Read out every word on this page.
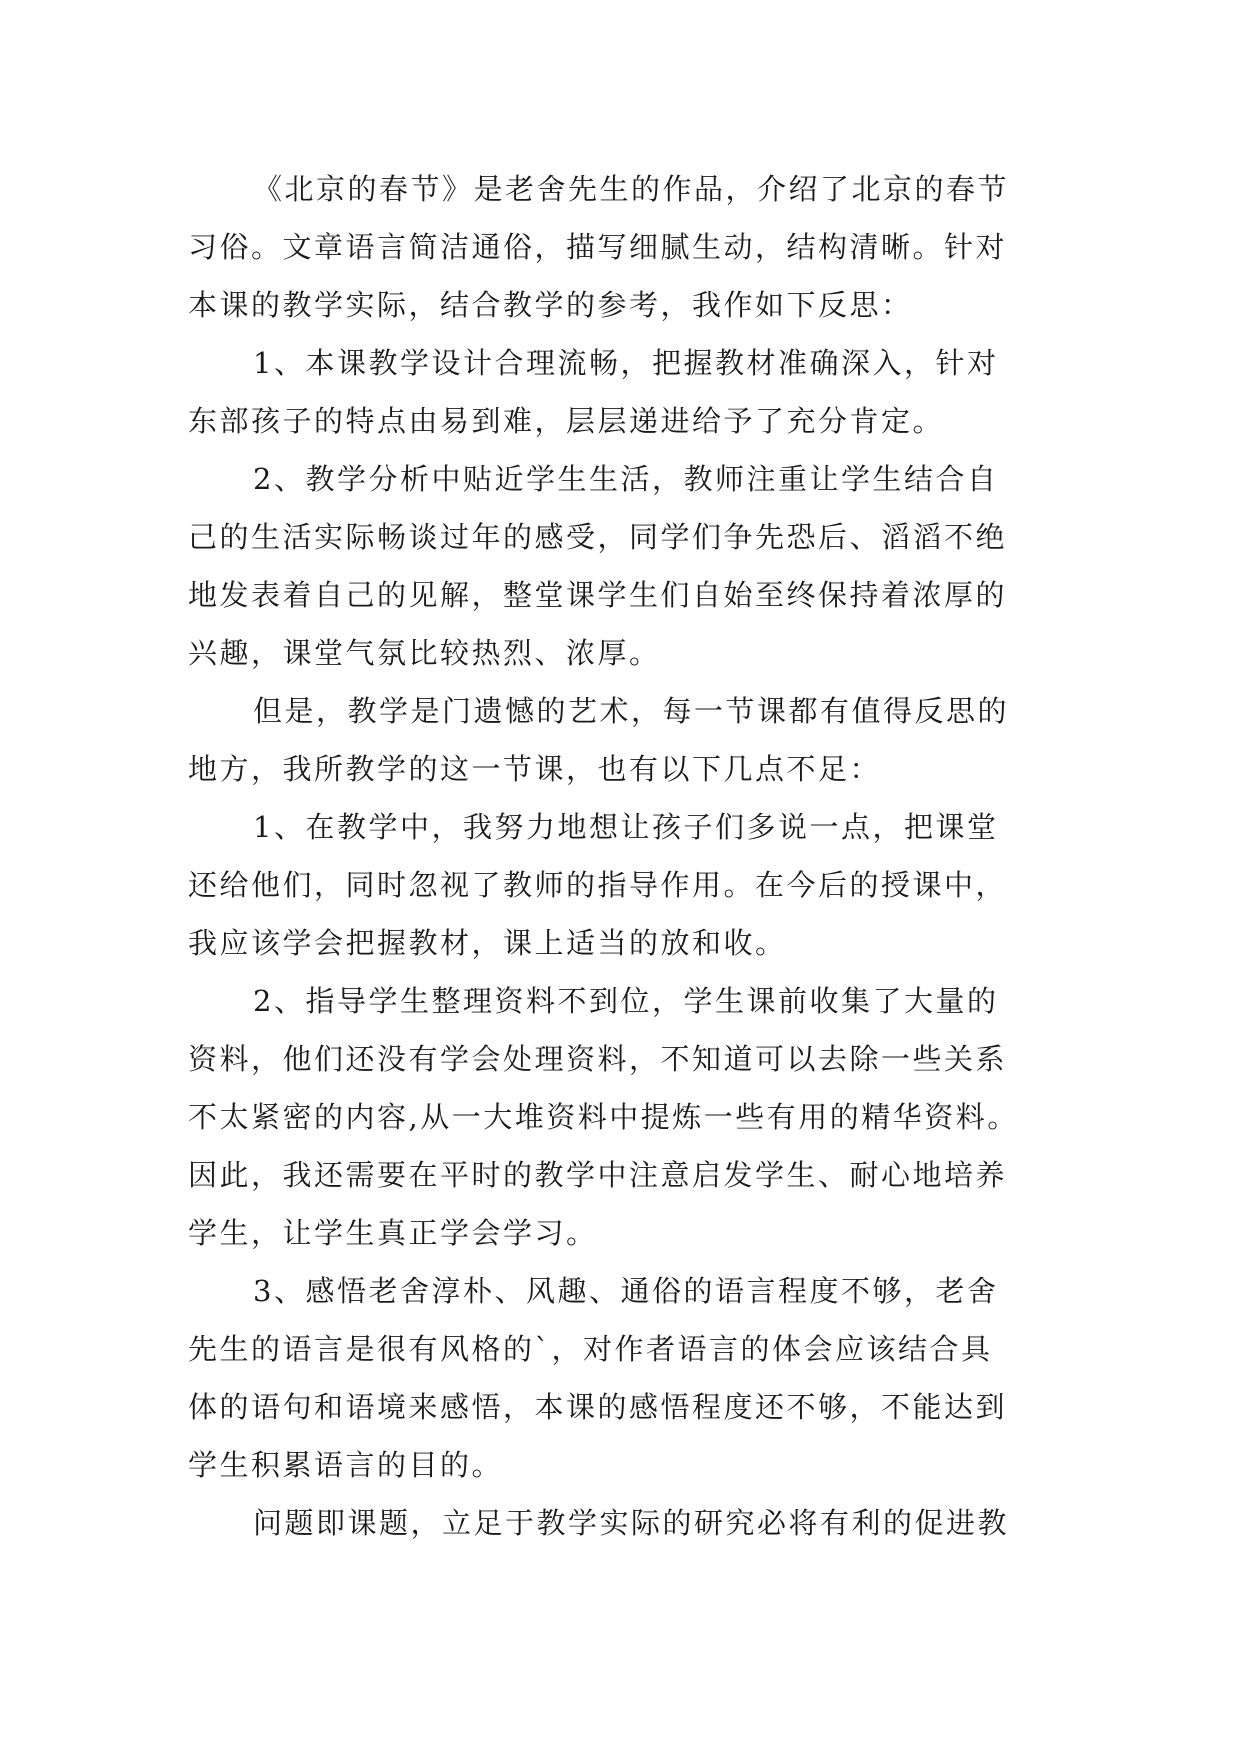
《北京的春节》是老舍先生的作品，介绍了北京的春节
习俗。文章语言简洁通俗，描写细腻生动，结构清晰。针对
本课的教学实际，结合教学的参考，我作如下反思：
1、本课教学设计合理流畅，把握教材准确深入，针对
东部孩子的特点由易到难，层层递进给予了充分肯定。
2、教学分析中贴近学生生活，教师注重让学生结合自
己的生活实际畅谈过年的感受，同学们争先恐后、滔滔不绝
地发表着自己的见解，整堂课学生们自始至终保持着浓厚的
兴趣，课堂气氛比较热烈、浓厚。
但是，教学是门遗憾的艺术，每一节课都有值得反思的
地方，我所教学的这一节课，也有以下几点不足：
1、在教学中，我努力地想让孩子们多说一点，把课堂
还给他们，同时忽视了教师的指导作用。在今后的授课中，
我应该学会把握教材，课上适当的放和收。
2、指导学生整理资料不到位，学生课前收集了大量的
资料，他们还没有学会处理资料，不知道可以去除一些关系
不太紧密的内容,从一大堆资料中提炼一些有用的精华资料。
因此，我还需要在平时的教学中注意启发学生、耐心地培养
学生，让学生真正学会学习。
3、感悟老舍淳朴、风趣、通俗的语言程度不够，老舍
先生的语言是很有风格的`，对作者语言的体会应该结合具
体的语句和语境来感悟，本课的感悟程度还不够，不能达到
学生积累语言的目的。
问题即课题，立足于教学实际的研究必将有利的促进教
